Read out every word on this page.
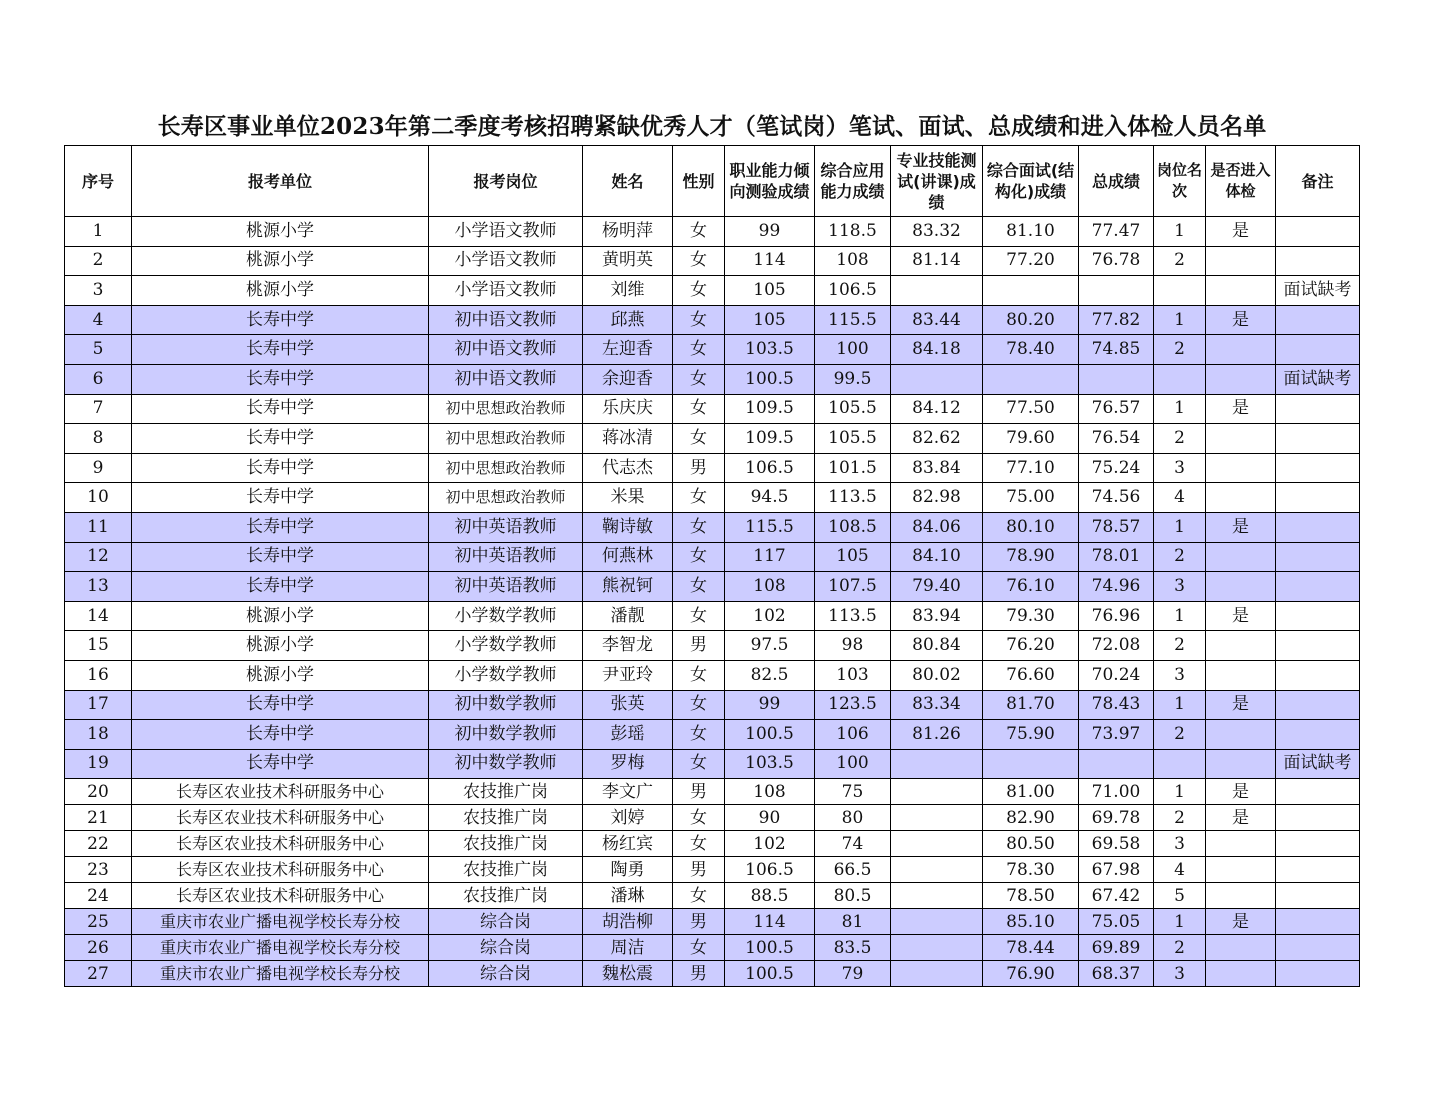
长寿区事业单位2023年第二季度考核招聘紧缺优秀人才（笔试岗）笔试、面试、总成绩和进入体检人员名单
序号	报考单位	报考岗位	姓名	性别	职业能力倾向测验成绩	综合应用能力成绩	专业技能测试(讲课)成绩	综合面试(结构化)成绩	总成绩	岗位名次	是否进入体检	备注
1	桃源小学	小学语文教师	杨明萍	女	99	118.5	83.32	81.10	77.47	1	是	
2	桃源小学	小学语文教师	黄明英	女	114	108	81.14	77.20	76.78	2		
3	桃源小学	小学语文教师	刘维	女	105	106.5						面试缺考
4	长寿中学	初中语文教师	邱燕	女	105	115.5	83.44	80.20	77.82	1	是	
5	长寿中学	初中语文教师	左迎香	女	103.5	100	84.18	78.40	74.85	2		
6	长寿中学	初中语文教师	余迎香	女	100.5	99.5						面试缺考
7	长寿中学	初中思想政治教师	乐庆庆	女	109.5	105.5	84.12	77.50	76.57	1	是	
8	长寿中学	初中思想政治教师	蒋冰清	女	109.5	105.5	82.62	79.60	76.54	2		
9	长寿中学	初中思想政治教师	代志杰	男	106.5	101.5	83.84	77.10	75.24	3		
10	长寿中学	初中思想政治教师	米果	女	94.5	113.5	82.98	75.00	74.56	4		
11	长寿中学	初中英语教师	鞠诗敏	女	115.5	108.5	84.06	80.10	78.57	1	是	
12	长寿中学	初中英语教师	何燕林	女	117	105	84.10	78.90	78.01	2		
13	长寿中学	初中英语教师	熊祝钶	女	108	107.5	79.40	76.10	74.96	3		
14	桃源小学	小学数学教师	潘靓	女	102	113.5	83.94	79.30	76.96	1	是	
15	桃源小学	小学数学教师	李智龙	男	97.5	98	80.84	76.20	72.08	2		
16	桃源小学	小学数学教师	尹亚玲	女	82.5	103	80.02	76.60	70.24	3		
17	长寿中学	初中数学教师	张英	女	99	123.5	83.34	81.70	78.43	1	是	
18	长寿中学	初中数学教师	彭瑶	女	100.5	106	81.26	75.90	73.97	2		
19	长寿中学	初中数学教师	罗梅	女	103.5	100						面试缺考
20	长寿区农业技术科研服务中心	农技推广岗	李文广	男	108	75		81.00	71.00	1	是	
21	长寿区农业技术科研服务中心	农技推广岗	刘婷	女	90	80		82.90	69.78	2	是	
22	长寿区农业技术科研服务中心	农技推广岗	杨红宾	女	102	74		80.50	69.58	3		
23	长寿区农业技术科研服务中心	农技推广岗	陶勇	男	106.5	66.5		78.30	67.98	4		
24	长寿区农业技术科研服务中心	农技推广岗	潘琳	女	88.5	80.5		78.50	67.42	5		
25	重庆市农业广播电视学校长寿分校	综合岗	胡浩柳	男	114	81		85.10	75.05	1	是	
26	重庆市农业广播电视学校长寿分校	综合岗	周洁	女	100.5	83.5		78.44	69.89	2		
27	重庆市农业广播电视学校长寿分校	综合岗	魏松震	男	100.5	79		76.90	68.37	3		
